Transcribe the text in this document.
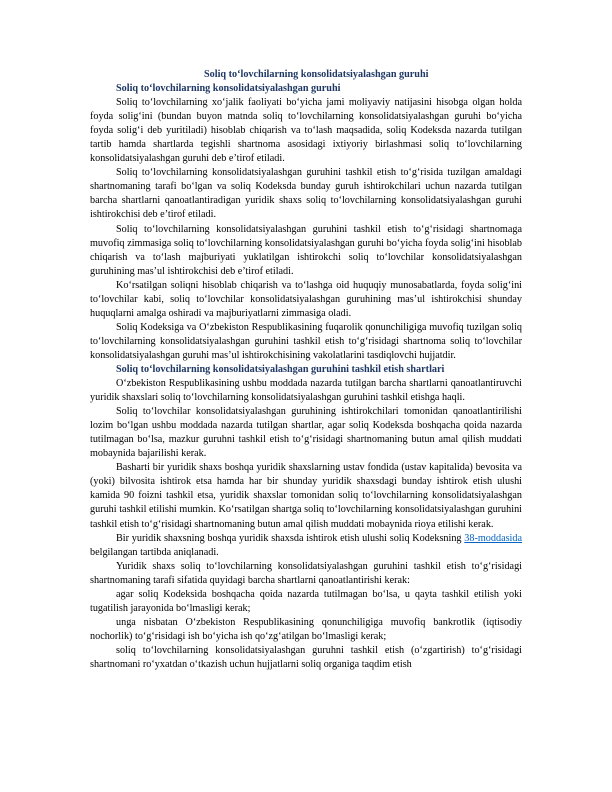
Soliq to‘lovchilarning konsolidatsiyalashgan guruhi

Soliq to‘lovchilarning konsolidatsiyalashgan guruhi

Soliq to‘lovchilarning xo‘jalik faoliyati bo‘yicha jami moliyaviy natijasini hisobga olgan holda foyda solig‘ini (bundan buyon matnda soliq to‘lovchilarning konsolidatsiyalashgan guruhi bo‘yicha foyda solig‘i deb yuritiladi) hisoblab chiqarish va to‘lash maqsadida, soliq Kodeksda nazarda tutilgan tartib hamda shartlarda tegishli shartnoma asosidagi ixtiyoriy birlashmasi soliq to‘lovchilarning konsolidatsiyalashgan guruhi deb e’tirof etiladi.

Soliq to‘lovchilarning konsolidatsiyalashgan guruhini tashkil etish to‘g‘risida tuzilgan amaldagi shartnomaning tarafi bo‘lgan va soliq Kodeksda bunday guruh ishtirokchilari uchun nazarda tutilgan barcha shartlarni qanoatlantiradigan yuridik shaxs soliq to‘lovchilarning konsolidatsiyalashgan guruhi ishtirokchisi deb e’tirof etiladi.

Soliq to‘lovchilarning konsolidatsiyalashgan guruhini tashkil etish to‘g‘risidagi shartnomaga muvofiq zimmasiga soliq to‘lovchilarning konsolidatsiyalashgan guruhi bo‘yicha foyda solig‘ini hisoblab chiqarish va to‘lash majburiyati yuklatilgan ishtirokchi soliq to‘lovchilar konsolidatsiyalashgan guruhining mas’ul ishtirokchisi deb e’tirof etiladi.

Ko‘rsatilgan soliqni hisoblab chiqarish va to‘lashga oid huquqiy munosabatlarda, foyda solig‘ini to‘lovchilar kabi, soliq to‘lovchilar konsolidatsiyalashgan guruhining mas’ul ishtirokchisi shunday huquqlarni amalga oshiradi va majburiyatlarni zimmasiga oladi.

Soliq Kodeksiga va O‘zbekiston Respublikasining fuqarolik qonunchiligiga muvofiq tuzilgan soliq to‘lovchilarning konsolidatsiyalashgan guruhini tashkil etish to‘g‘risidagi shartnoma soliq to‘lovchilar konsolidatsiyalashgan guruhi mas’ul ishtirokchisining vakolatlarini tasdiqlovchi hujjatdir.

Soliq to‘lovchilarning konsolidatsiyalashgan guruhini tashkil etish shartlari

O‘zbekiston Respublikasining ushbu moddada nazarda tutilgan barcha shartlarni qanoatlantiruvchi yuridik shaxslari soliq to‘lovchilarning konsolidatsiyalashgan guruhini tashkil etishga haqli.

Soliq to‘lovchilar konsolidatsiyalashgan guruhining ishtirokchilari tomonidan qanoatlantirilishi lozim bo‘lgan ushbu moddada nazarda tutilgan shartlar, agar soliq Kodeksda boshqacha qoida nazarda tutilmagan bo‘lsa, mazkur guruhni tashkil etish to‘g‘risidagi shartnomaning butun amal qilish muddati mobaynida bajarilishi kerak.

Basharti bir yuridik shaxs boshqa yuridik shaxslarning ustav fondida (ustav kapitalida) bevosita va (yoki) bilvosita ishtirok etsa hamda har bir shunday yuridik shaxsdagi bunday ishtirok etish ulushi kamida 90 foizni tashkil etsa, yuridik shaxslar tomonidan soliq to‘lovchilarning konsolidatsiyalashgan guruhi tashkil etilishi mumkin. Ko‘rsatilgan shartga soliq to‘lovchilarning konsolidatsiyalashgan guruhini tashkil etish to‘g‘risidagi shartnomaning butun amal qilish muddati mobaynida rioya etilishi kerak.

Bir yuridik shaxsning boshqa yuridik shaxsda ishtirok etish ulushi soliq Kodeksning 38-moddasida belgilangan tartibda aniqlanadi.

Yuridik shaxs soliq to‘lovchilarning konsolidatsiyalashgan guruhini tashkil etish to‘g‘risidagi shartnomaning tarafi sifatida quyidagi barcha shartlarni qanoatlantirishi kerak:

agar soliq Kodeksida boshqacha qoida nazarda tutilmagan bo‘lsa, u qayta tashkil etilish yoki tugatilish jarayonida bo‘lmasligi kerak;

unga nisbatan O‘zbekiston Respublikasining qonunchiligiga muvofiq bankrotlik (iqtisodiy nochorlik) to‘g‘risidagi ish bo‘yicha ish qo‘zg‘atilgan bo‘lmasligi kerak;

soliq to‘lovchilarning konsolidatsiyalashgan guruhni tashkil etish (o‘zgartirish) to‘g‘risidagi shartnomani ro‘yxatdan o‘tkazish uchun hujjatlarni soliq organiga taqdim etish
